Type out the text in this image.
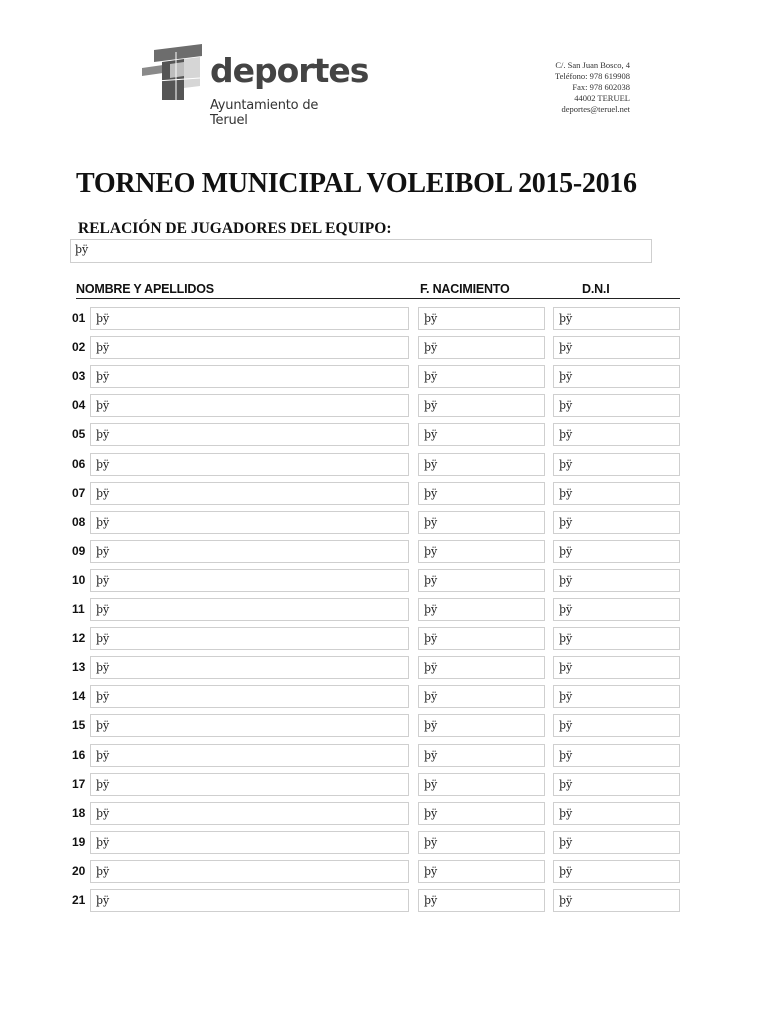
deportes
Ayuntamiento de Teruel
C/. San Juan Bosco, 4
Teléfono: 978 619908
Fax: 978 602038
44002 TERUEL
deportes@teruel.net
TORNEO MUNICIPAL VOLEIBOL 2015-2016
RELACIÓN DE JUGADORES DEL EQUIPO:
þÿ
NOMBRE Y APELLIDOS	F. NACIMIENTO	D.N.I
01 þÿ	þÿ	þÿ
02 þÿ	þÿ	þÿ
03 þÿ	þÿ	þÿ
04 þÿ	þÿ	þÿ
05 þÿ	þÿ	þÿ
06 þÿ	þÿ	þÿ
07 þÿ	þÿ	þÿ
08 þÿ	þÿ	þÿ
09 þÿ	þÿ	þÿ
10 þÿ	þÿ	þÿ
11	þÿ	þÿ	þÿ
12 þÿ	þÿ	þÿ
13 þÿ	þÿ	þÿ
14 þÿ	þÿ	þÿ
15 þÿ	þÿ	þÿ
16 þÿ	þÿ	þÿ
17 þÿ	þÿ	þÿ
18 þÿ	þÿ	þÿ
19 þÿ	þÿ	þÿ
20 þÿ	þÿ	þÿ
21 þÿ	þÿ	þÿ
